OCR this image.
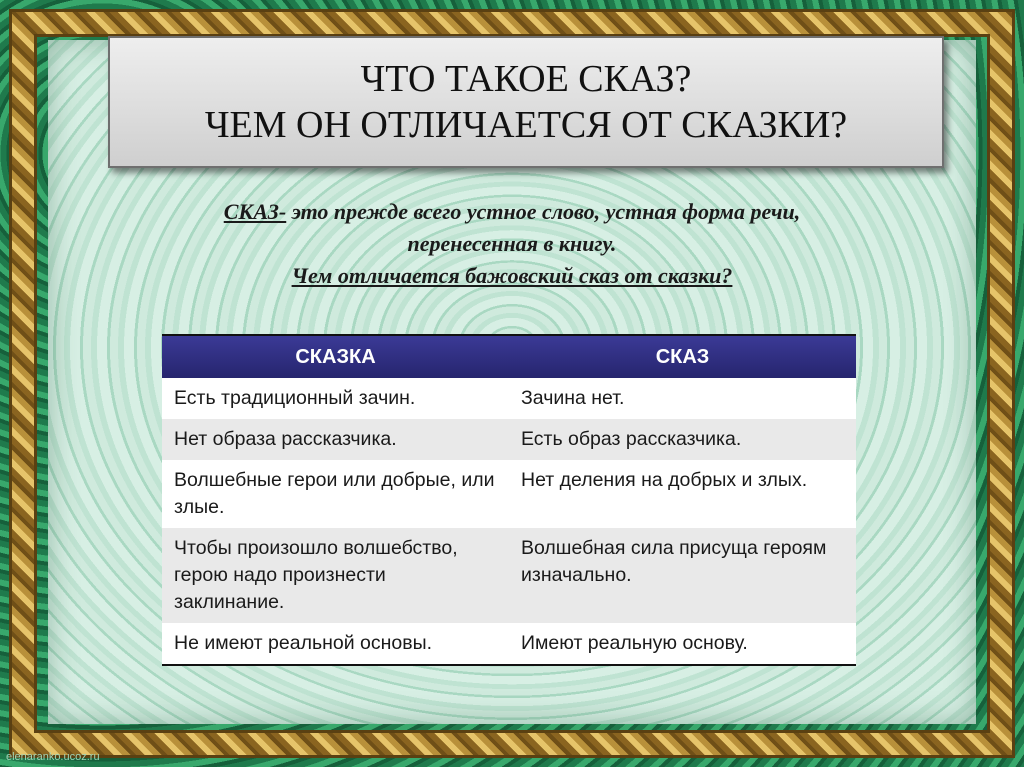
ЧТО ТАКОЕ СКАЗ?
ЧЕМ ОН ОТЛИЧАЕТСЯ ОТ СКАЗКИ?
СКАЗ- это прежде всего устное слово, устная форма речи,
перенесенная в книгу.
Чем отличается бажовский сказ от сказки?
СКАЗКА	СКАЗ
Есть традиционный зачин.	Зачина нет.
Нет образа рассказчика.	Есть образ рассказчика.
Волшебные герои или добрые, или злые.	Нет деления на добрых и злых.
Чтобы произошло волшебство, герою надо произнести заклинание.	Волшебная сила присуща героям изначально.
Не имеют реальной основы.	Имеют реальную основу.
elenaranko.ucoz.ru
